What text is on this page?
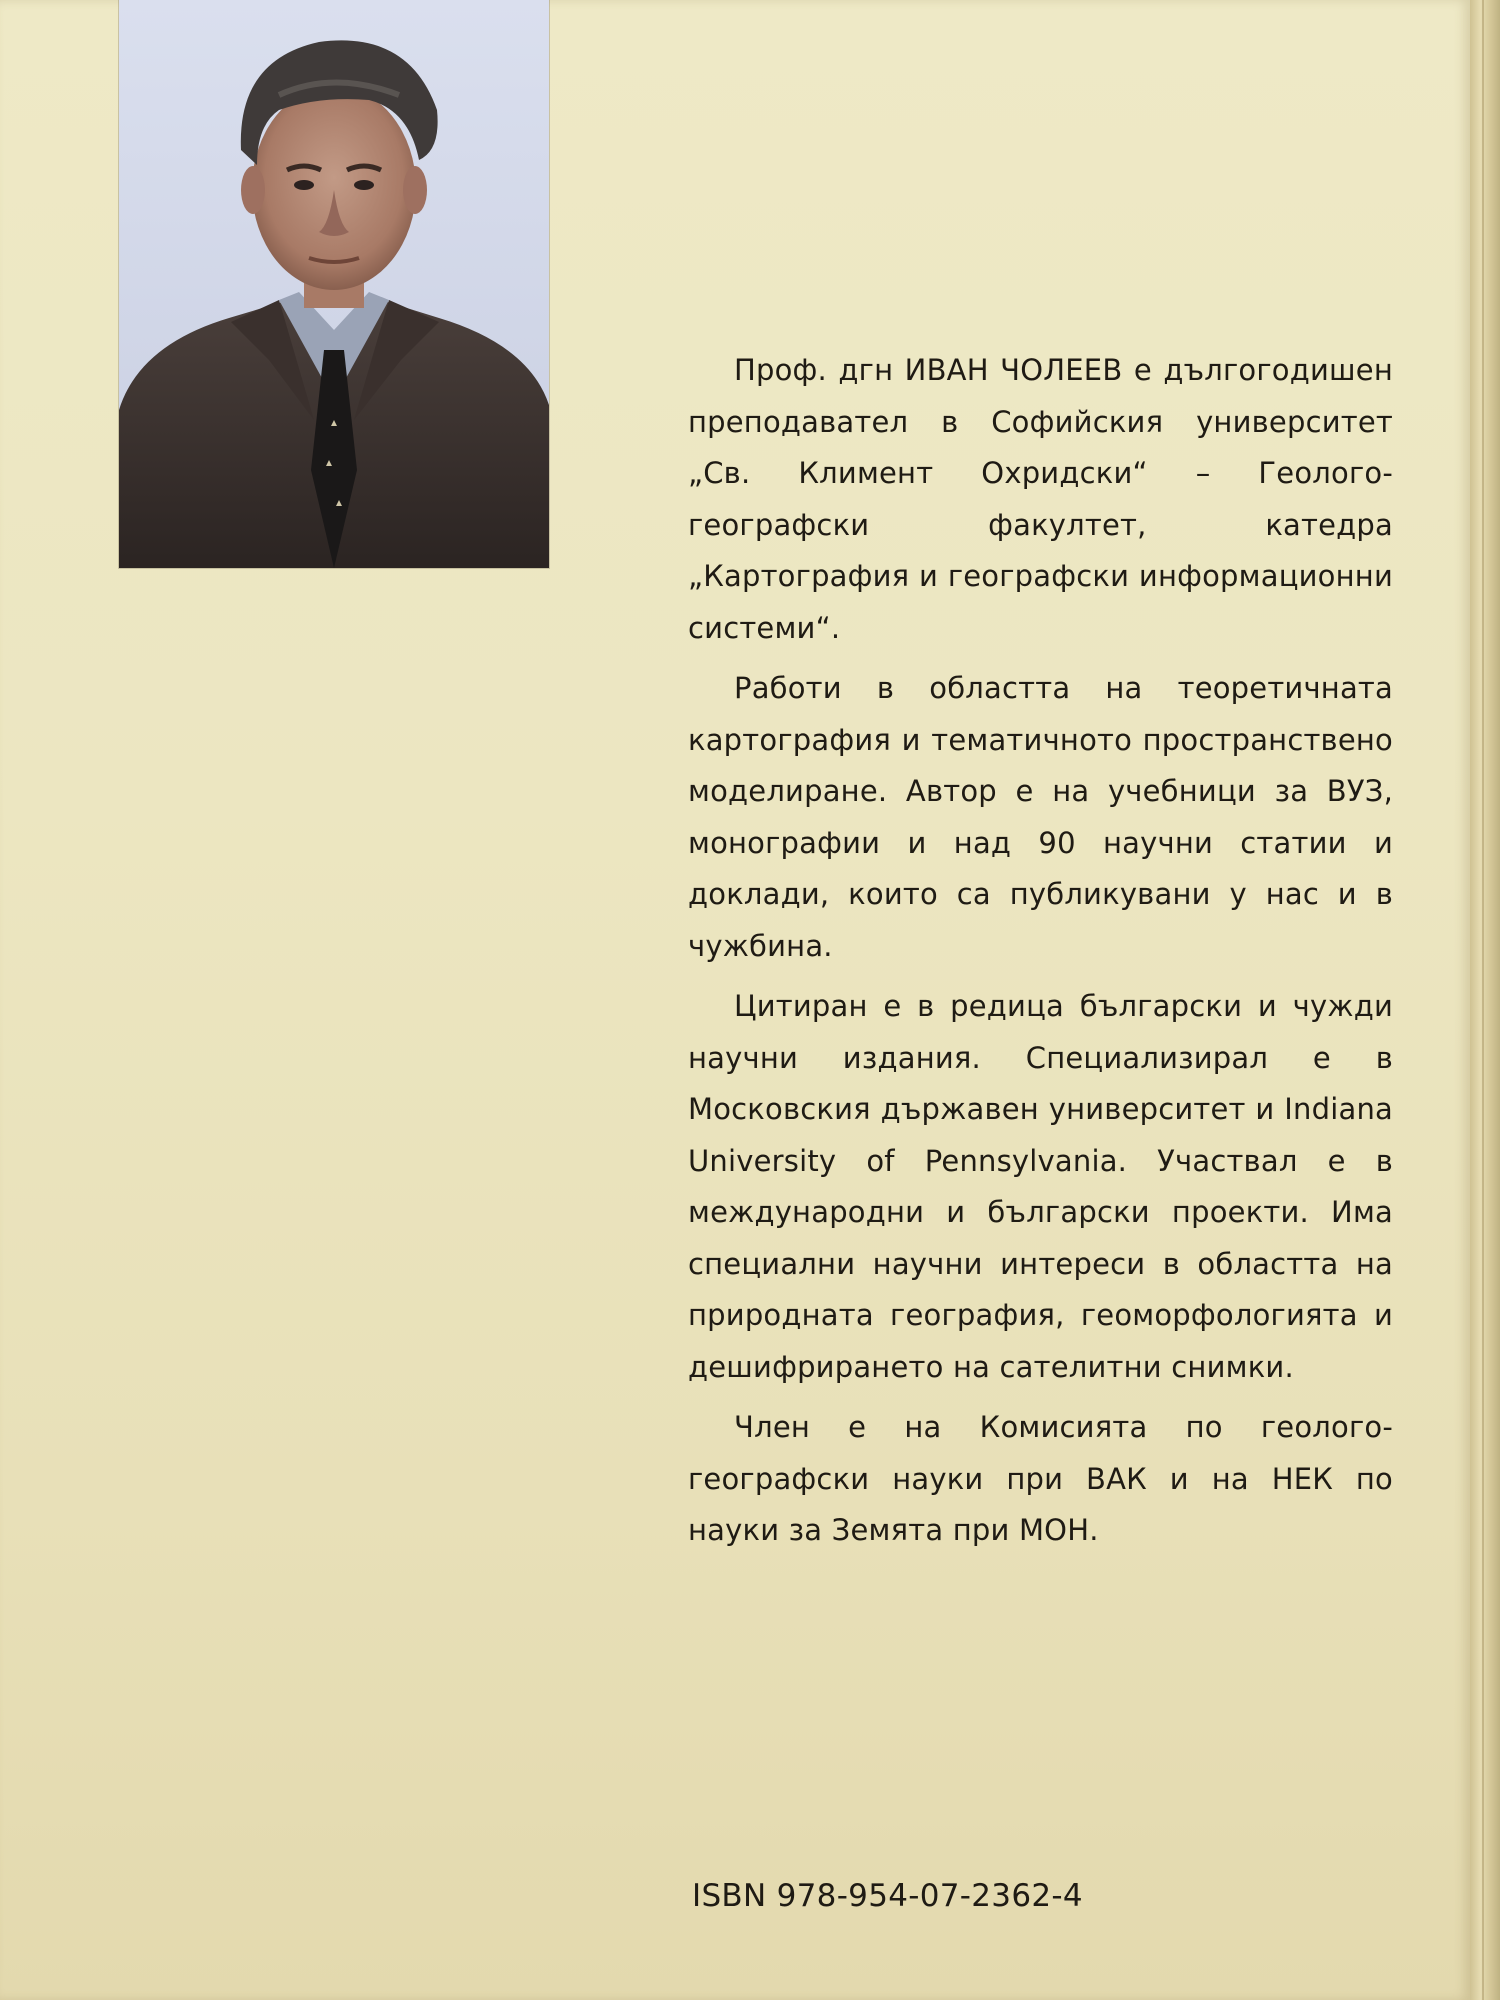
Проф. дгн ИВАН ЧОЛЕЕВ е дългогодишен преподавател в Софийския университет „Св. Климент Охридски“ – Геолого-географски факултет, катедра „Картография и географски информационни системи“.

Работи в областта на теоретичната картография и тематичното пространствено моделиране. Автор е на учебници за ВУЗ, монографии и над 90 научни статии и доклади, които са публикувани у нас и в чужбина.

Цитиран е в редица български и чужди научни издания. Специализирал е в Московския държавен университет и Indiana University of Pennsylvania. Участвал е в международни и български проекти. Има специални научни интереси в областта на природната география, геоморфологията и дешифрирането на сателитни снимки.

Член е на Комисията по геолого-географски науки при ВАК и на НЕК по науки за Земята при МОН.

ISBN 978-954-07-2362-4
